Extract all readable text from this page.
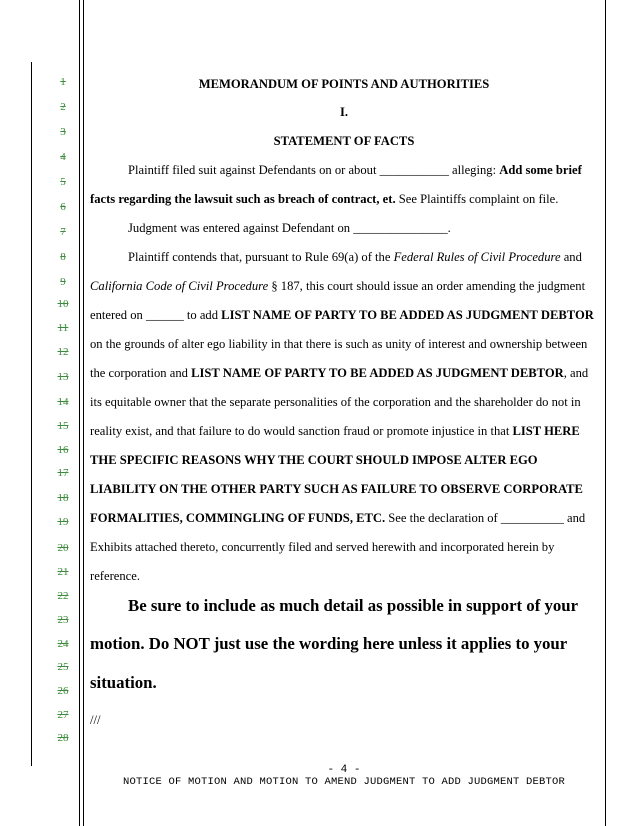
1
2
3
4
5
6
7
8
9
10
11
12
13
14
15
16
17
18
19
20
21
22
23
24
25
26
27
28
MEMORANDUM OF POINTS AND AUTHORITIES
I.
STATEMENT OF FACTS
Plaintiff filed suit against Defendants on or about ___________ alleging: Add some brief
facts regarding the lawsuit such as breach of contract, et. See Plaintiffs complaint on file.
Judgment was entered against Defendant on _______________.
Plaintiff contends that, pursuant to Rule 69(a) of the Federal Rules of Civil Procedure and
California Code of Civil Procedure § 187, this court should issue an order amending the judgment
entered on ______ to add LIST NAME OF PARTY TO BE ADDED AS JUDGMENT DEBTOR
on the grounds of alter ego liability in that there is such as unity of interest and ownership between
the corporation and LIST NAME OF PARTY TO BE ADDED AS JUDGMENT DEBTOR, and
its equitable owner that the separate personalities of the corporation and the shareholder do not in
reality exist, and that failure to do would sanction fraud or promote injustice in that LIST HERE
THE SPECIFIC REASONS WHY THE COURT SHOULD IMPOSE ALTER EGO
LIABILITY ON THE OTHER PARTY SUCH AS FAILURE TO OBSERVE CORPORATE
FORMALITIES, COMMINGLING OF FUNDS, ETC. See the declaration of __________ and
Exhibits attached thereto, concurrently filed and served herewith and incorporated herein by
reference.
Be sure to include as much detail as possible in support of your
motion. Do NOT just use the wording here unless it applies to your
situation.
///
- 4 -
NOTICE OF MOTION AND MOTION TO AMEND JUDGMENT TO ADD JUDGMENT DEBTOR
